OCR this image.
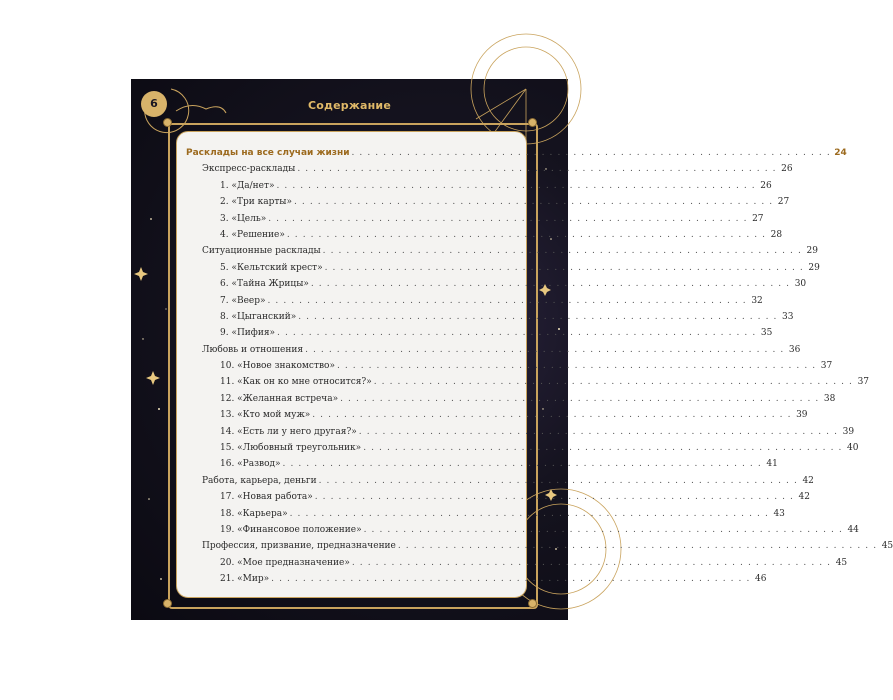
6	Содержание
Расклады на все случаи жизни . . . . . . . . . . . . . . . . . . . . . . . . . . . . . . . . . . . . . . . . . . . . . . . . . . . . . . . . . . . . . 24
Экспресс-расклады . . . . . . . . . . . . . . . . . . . . . . . . . . . . . . . . . . . . . . . . . . . . . . . . . . . . . . . . . . . . . 26
1. «Да/нет» . . . . . . . . . . . . . . . . . . . . . . . . . . . . . . . . . . . . . . . . . . . . . . . . . . . . . . . . . . . . . 26
2. «Три карты» . . . . . . . . . . . . . . . . . . . . . . . . . . . . . . . . . . . . . . . . . . . . . . . . . . . . . . . . . . . . . 27
3. «Цель» . . . . . . . . . . . . . . . . . . . . . . . . . . . . . . . . . . . . . . . . . . . . . . . . . . . . . . . . . . . . . 27
4. «Решение» . . . . . . . . . . . . . . . . . . . . . . . . . . . . . . . . . . . . . . . . . . . . . . . . . . . . . . . . . . . . . 28
Ситуационные расклады . . . . . . . . . . . . . . . . . . . . . . . . . . . . . . . . . . . . . . . . . . . . . . . . . . . . . . . . . . . . . 29
5. «Кельтский крест» . . . . . . . . . . . . . . . . . . . . . . . . . . . . . . . . . . . . . . . . . . . . . . . . . . . . . . . . . . . . . 29
6. «Тайна Жрицы» . . . . . . . . . . . . . . . . . . . . . . . . . . . . . . . . . . . . . . . . . . . . . . . . . . . . . . . . . . . . . 30
7. «Веер» . . . . . . . . . . . . . . . . . . . . . . . . . . . . . . . . . . . . . . . . . . . . . . . . . . . . . . . . . . . . . 32
8. «Цыганский» . . . . . . . . . . . . . . . . . . . . . . . . . . . . . . . . . . . . . . . . . . . . . . . . . . . . . . . . . . . . . 33
9. «Пифия» . . . . . . . . . . . . . . . . . . . . . . . . . . . . . . . . . . . . . . . . . . . . . . . . . . . . . . . . . . . . . 35
Любовь и отношения . . . . . . . . . . . . . . . . . . . . . . . . . . . . . . . . . . . . . . . . . . . . . . . . . . . . . . . . . . . . . 36
10. «Новое знакомство» . . . . . . . . . . . . . . . . . . . . . . . . . . . . . . . . . . . . . . . . . . . . . . . . . . . . . . . . . . . . . 37
11. «Как он ко мне относится?» . . . . . . . . . . . . . . . . . . . . . . . . . . . . . . . . . . . . . . . . . . . . . . . . . . . . . . . . . . . . . 37
12. «Желанная встреча» . . . . . . . . . . . . . . . . . . . . . . . . . . . . . . . . . . . . . . . . . . . . . . . . . . . . . . . . . . . . . 38
13. «Кто мой муж» . . . . . . . . . . . . . . . . . . . . . . . . . . . . . . . . . . . . . . . . . . . . . . . . . . . . . . . . . . . . . 39
14. «Есть ли у него другая?» . . . . . . . . . . . . . . . . . . . . . . . . . . . . . . . . . . . . . . . . . . . . . . . . . . . . . . . . . . . . . 39
15. «Любовный треугольник» . . . . . . . . . . . . . . . . . . . . . . . . . . . . . . . . . . . . . . . . . . . . . . . . . . . . . . . . . . . . . 40
16. «Развод» . . . . . . . . . . . . . . . . . . . . . . . . . . . . . . . . . . . . . . . . . . . . . . . . . . . . . . . . . . . . . 41
Работа, карьера, деньги . . . . . . . . . . . . . . . . . . . . . . . . . . . . . . . . . . . . . . . . . . . . . . . . . . . . . . . . . . . . . 42
17. «Новая работа» . . . . . . . . . . . . . . . . . . . . . . . . . . . . . . . . . . . . . . . . . . . . . . . . . . . . . . . . . . . . . 42
18. «Карьера» . . . . . . . . . . . . . . . . . . . . . . . . . . . . . . . . . . . . . . . . . . . . . . . . . . . . . . . . . . . . . 43
19. «Финансовое положение» . . . . . . . . . . . . . . . . . . . . . . . . . . . . . . . . . . . . . . . . . . . . . . . . . . . . . . . . . . . . . 44
Профессия, призвание, предназначение . . . . . . . . . . . . . . . . . . . . . . . . . . . . . . . . . . . . . . . . . . . . . . . . . . . . . . . . . . . . . 45
20. «Мое предназначение» . . . . . . . . . . . . . . . . . . . . . . . . . . . . . . . . . . . . . . . . . . . . . . . . . . . . . . . . . . . . . 45
21. «Мир» . . . . . . . . . . . . . . . . . . . . . . . . . . . . . . . . . . . . . . . . . . . . . . . . . . . . . . . . . . . . . 46
